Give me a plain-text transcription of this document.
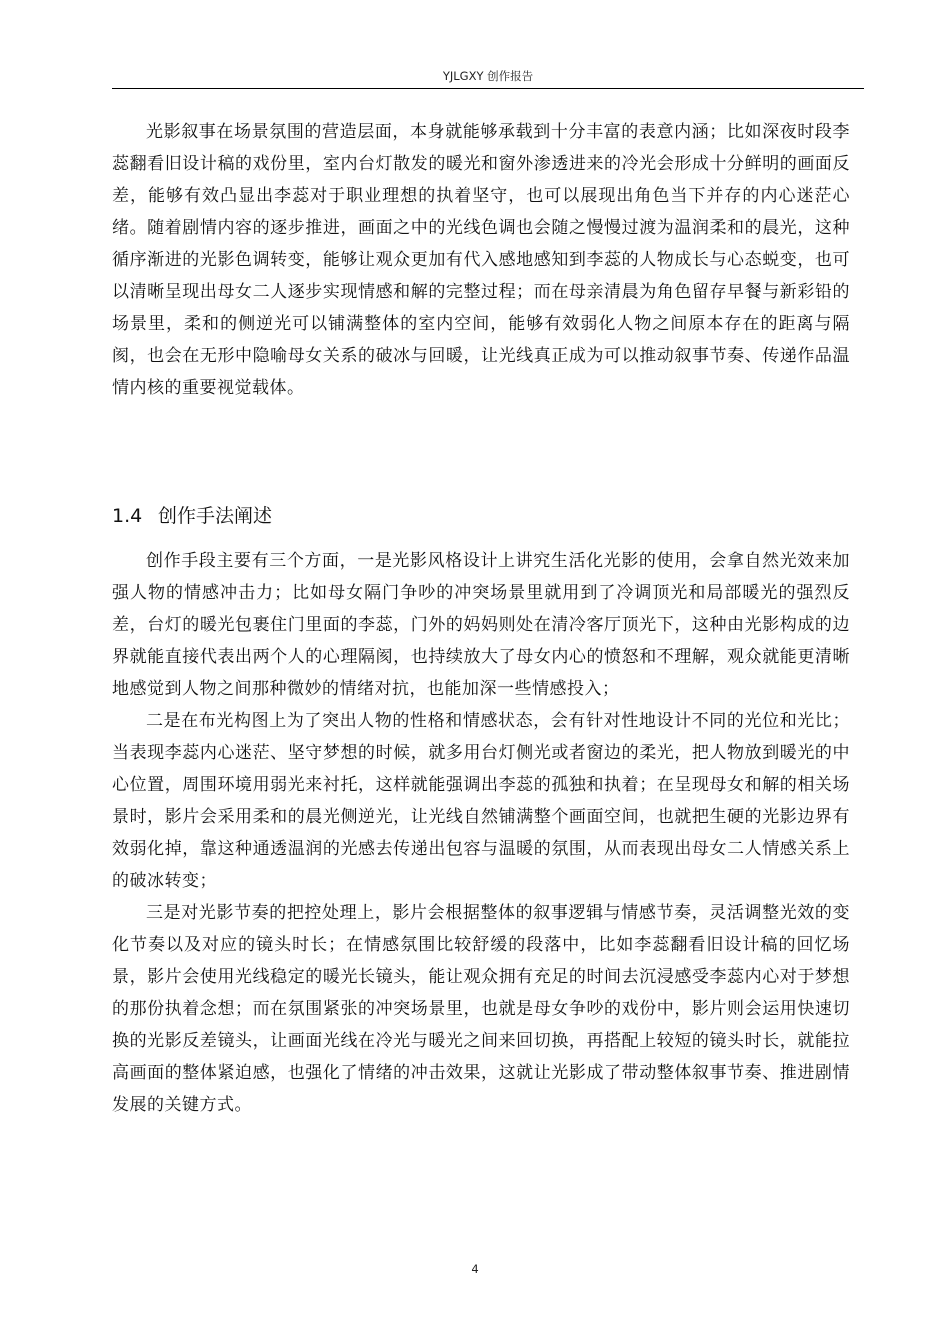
YJLGXY 创作报告

光影叙事在场景氛围的营造层面，本身就能够承载到十分丰富的表意内涵；比如深夜时段李蕊翻看旧设计稿的戏份里，室内台灯散发的暖光和窗外渗透进来的冷光会形成十分鲜明的画面反差，能够有效凸显出李蕊对于职业理想的执着坚守，也可以展现出角色当下并存的内心迷茫心绪。随着剧情内容的逐步推进，画面之中的光线色调也会随之慢慢过渡为温润柔和的晨光，这种循序渐进的光影色调转变，能够让观众更加有代入感地感知到李蕊的人物成长与心态蜕变，也可以清晰呈现出母女二人逐步实现情感和解的完整过程；而在母亲清晨为角色留存早餐与新彩铅的场景里，柔和的侧逆光可以铺满整体的室内空间，能够有效弱化人物之间原本存在的距离与隔阂，也会在无形中隐喻母女关系的破冰与回暖，让光线真正成为可以推动叙事节奏、传递作品温情内核的重要视觉载体。

1.4 创作手法阐述

创作手段主要有三个方面，一是光影风格设计上讲究生活化光影的使用，会拿自然光效来加强人物的情感冲击力；比如母女隔门争吵的冲突场景里就用到了冷调顶光和局部暖光的强烈反差，台灯的暖光包裹住门里面的李蕊，门外的妈妈则处在清冷客厅顶光下，这种由光影构成的边界就能直接代表出两个人的心理隔阂，也持续放大了母女内心的愤怒和不理解，观众就能更清晰地感觉到人物之间那种微妙的情绪对抗，也能加深一些情感投入；

二是在布光构图上为了突出人物的性格和情感状态，会有针对性地设计不同的光位和光比；当表现李蕊内心迷茫、坚守梦想的时候，就多用台灯侧光或者窗边的柔光，把人物放到暖光的中心位置，周围环境用弱光来衬托，这样就能强调出李蕊的孤独和执着；在呈现母女和解的相关场景时，影片会采用柔和的晨光侧逆光，让光线自然铺满整个画面空间，也就把生硬的光影边界有效弱化掉，靠这种通透温润的光感去传递出包容与温暖的氛围，从而表现出母女二人情感关系上的破冰转变；

三是对光影节奏的把控处理上，影片会根据整体的叙事逻辑与情感节奏，灵活调整光效的变化节奏以及对应的镜头时长；在情感氛围比较舒缓的段落中，比如李蕊翻看旧设计稿的回忆场景，影片会使用光线稳定的暖光长镜头，能让观众拥有充足的时间去沉浸感受李蕊内心对于梦想的那份执着念想；而在氛围紧张的冲突场景里，也就是母女争吵的戏份中，影片则会运用快速切换的光影反差镜头，让画面光线在冷光与暖光之间来回切换，再搭配上较短的镜头时长，就能拉高画面的整体紧迫感，也强化了情绪的冲击效果，这就让光影成了带动整体叙事节奏、推进剧情发展的关键方式。

4
